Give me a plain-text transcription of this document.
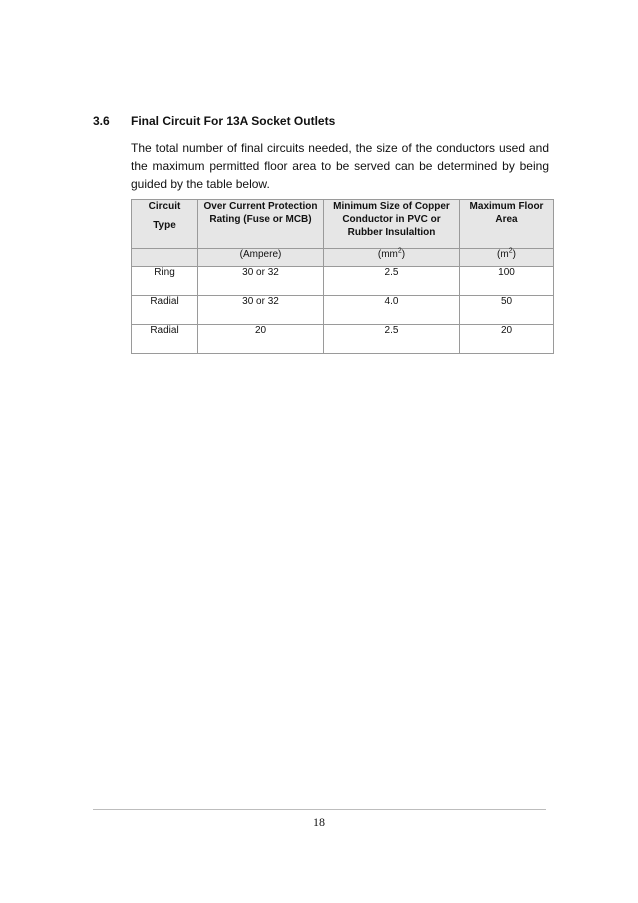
3.6 Final Circuit For 13A Socket Outlets

The total number of final circuits needed, the size of the conductors used and the maximum permitted floor area to be served can be determined by being guided by the table below.

Circuit
Type	Over Current Protection Rating (Fuse or MCB)	Minimum Size of Copper Conductor in PVC or Rubber Insulaltion	Maximum Floor Area
	(Ampere)	$(mm^2)$	$(m^2)$
Ring	30 or 32	2.5	100
Radial	30 or 32	4.0	50
Radial	20	2.5	20
18
